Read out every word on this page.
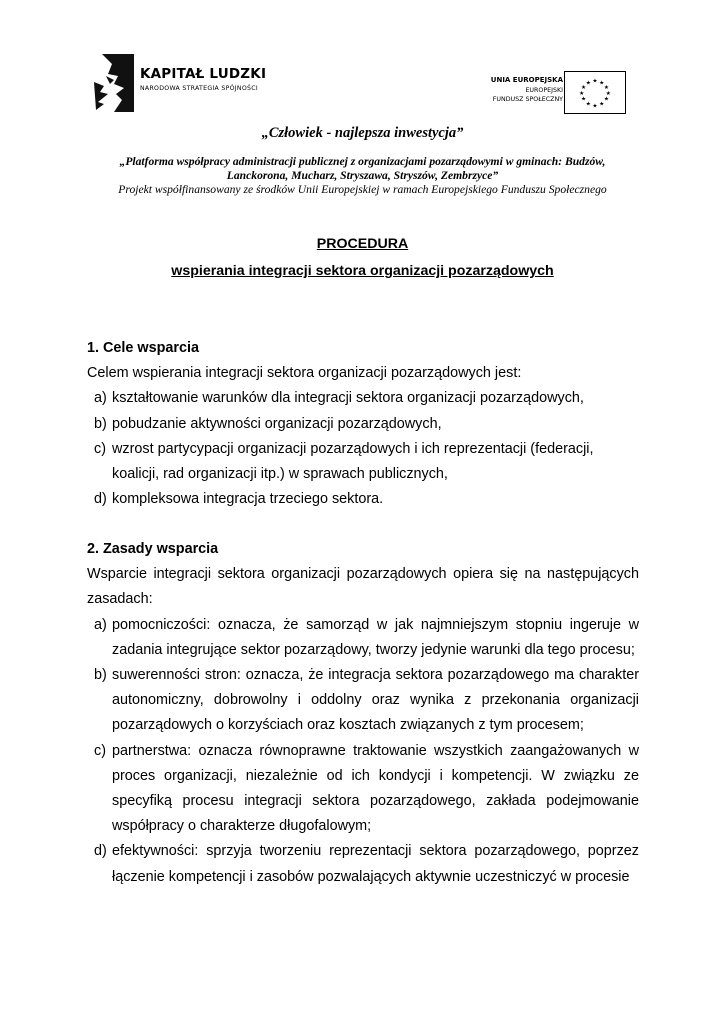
KAPITAŁ LUDZKI
NARODOWA STRATEGIA SPÓJNOŚCI
UNIA EUROPEJSKA
EUROPEJSKI
FUNDUSZ SPOŁECZNY
★ ★
★
★
★
★
★
★
★
★
★
★
„Człowiek - najlepsza inwestycja”
„Platforma współpracy administracji publicznej z organizacjami pozarządowymi w gminach: Budzów, Lanckorona, Mucharz, Stryszawa, Stryszów, Zembrzyce”
Projekt współfinansowany ze środków Unii Europejskiej w ramach Europejskiego Funduszu Społecznego
PROCEDURA
wspierania integracji sektora organizacji pozarządowych
1. Cele wsparcia
Celem wspierania integracji sektora organizacji pozarządowych jest:
a) kształtowanie warunków dla integracji sektora organizacji pozarządowych,
b) pobudzanie aktywności organizacji pozarządowych,
c) wzrost partycypacji organizacji pozarządowych i ich reprezentacji (federacji, koalicji, rad organizacji itp.) w sprawach publicznych,
d) kompleksowa integracja trzeciego sektora.
2. Zasady wsparcia
Wsparcie integracji sektora organizacji pozarządowych opiera się na następujących zasadach:
a) pomocniczości: oznacza, że samorząd w jak najmniejszym stopniu ingeruje w zadania integrujące sektor pozarządowy, tworzy jedynie warunki dla tego procesu;
b) suwerenności stron: oznacza, że integracja sektora pozarządowego ma charakter autonomiczny, dobrowolny i oddolny oraz wynika z przekonania organizacji pozarządowych o korzyściach oraz kosztach związanych z tym procesem;
c) partnerstwa: oznacza równoprawne traktowanie wszystkich zaangażowanych w proces organizacji, niezależnie od ich kondycji i kompetencji. W związku ze specyfiką procesu integracji sektora pozarządowego, zakłada podejmowanie współpracy o charakterze długofalowym;
d) efektywności: sprzyja tworzeniu reprezentacji sektora pozarządowego, poprzez łączenie kompetencji i zasobów pozwalających aktywnie uczestniczyć w procesie
